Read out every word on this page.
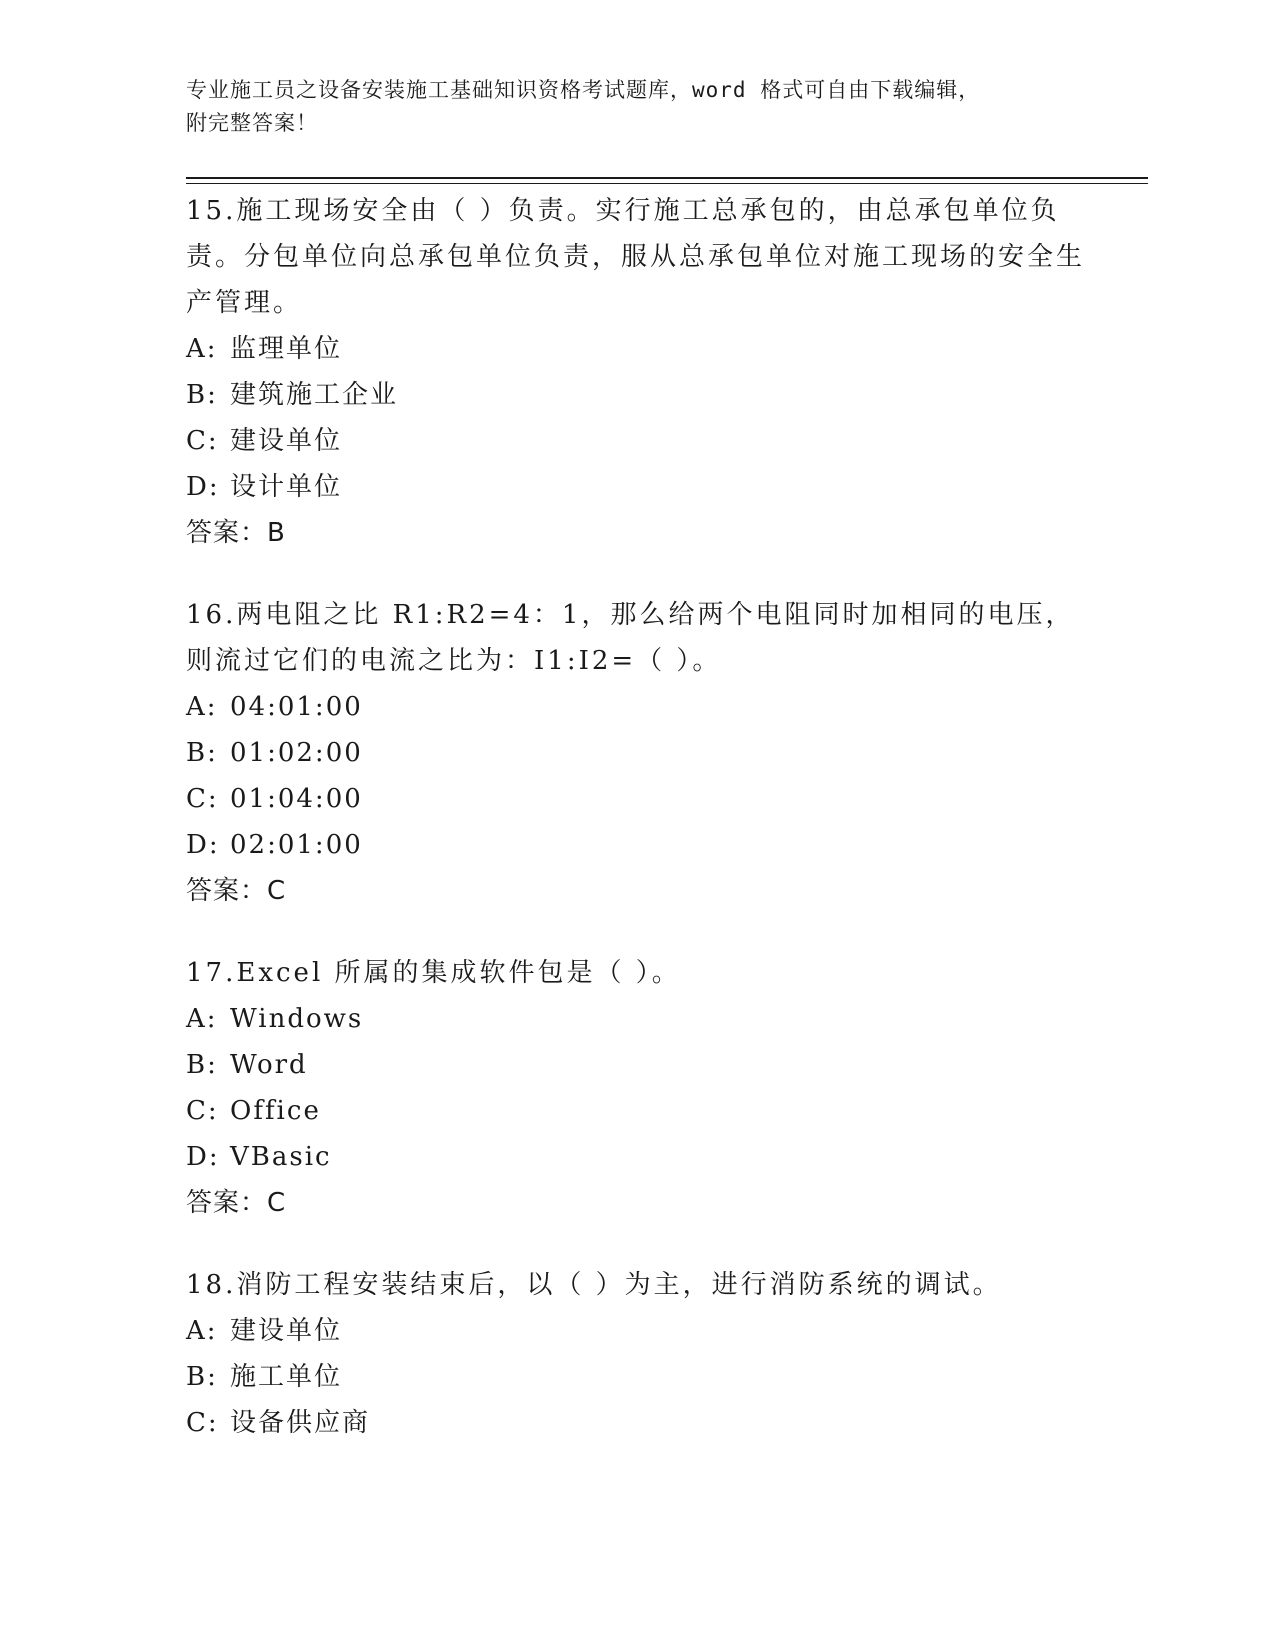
专业施工员之设备安装施工基础知识资格考试题库，word 格式可自由下载编辑，
附完整答案！
15.施工现场安全由（ ）负责。实行施工总承包的，由总承包单位负责。分包单位向总承包单位负责，服从总承包单位对施工现场的安全生产管理。
A: 监理单位
B: 建筑施工企业
C: 建设单位
D: 设计单位
答案：B
16.两电阻之比 R1:R2=4：1，那么给两个电阻同时加相同的电压，则流过它们的电流之比为：I1:I2=（ ）。
A: 04:01:00
B: 01:02:00
C: 01:04:00
D: 02:01:00
答案：C
17.Excel 所属的集成软件包是（ ）。
A: Windows
B: Word
C: Office
D: VBasic
答案：C
18.消防工程安装结束后，以（ ）为主，进行消防系统的调试。
A: 建设单位
B: 施工单位
C: 设备供应商
